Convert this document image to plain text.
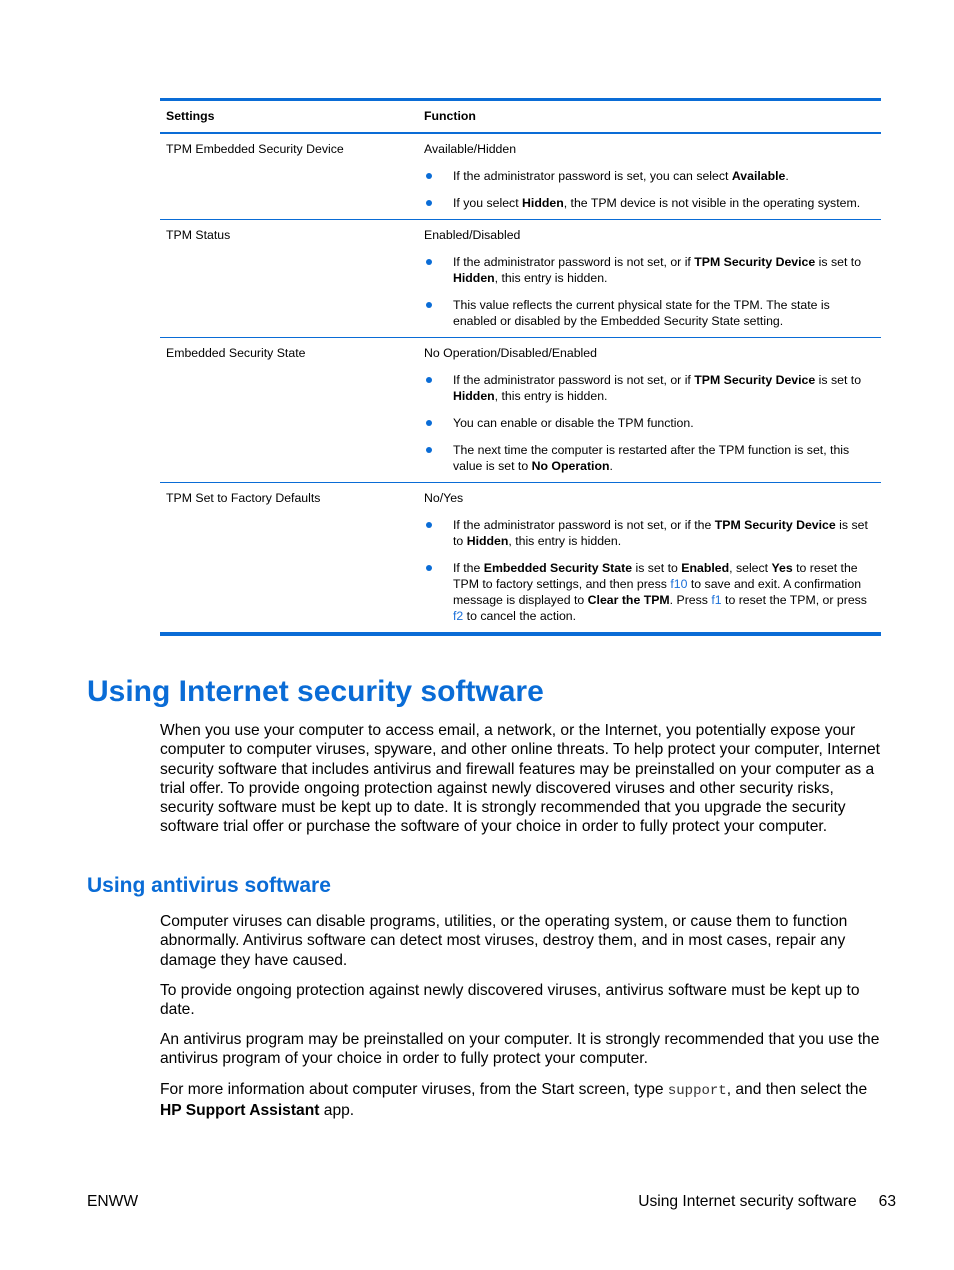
Settings	Function
TPM Embedded Security Device	Available/Hidden
If the administrator password is set, you can select Available.
If you select Hidden, the TPM device is not visible in the operating system.
TPM Status	Enabled/Disabled
If the administrator password is not set, or if TPM Security Device is set to Hidden, this entry is hidden.
This value reflects the current physical state for the TPM. The state is enabled or disabled by the Embedded Security State setting.
Embedded Security State	No Operation/Disabled/Enabled
If the administrator password is not set, or if TPM Security Device is set to Hidden, this entry is hidden.
You can enable or disable the TPM function.
The next time the computer is restarted after the TPM function is set, this value is set to No Operation.
TPM Set to Factory Defaults	No/Yes
If the administrator password is not set, or if the TPM Security Device is set to Hidden, this entry is hidden.
If the Embedded Security State is set to Enabled, select Yes to reset the TPM to factory settings, and then press f10 to save and exit. A confirmation message is displayed to Clear the TPM. Press f1 to reset the TPM, or press f2 to cancel the action.
Using Internet security software

When you use your computer to access email, a network, or the Internet, you potentially expose your computer to computer viruses, spyware, and other online threats. To help protect your computer, Internet security software that includes antivirus and firewall features may be preinstalled on your computer as a trial offer. To provide ongoing protection against newly discovered viruses and other security risks, security software must be kept up to date. It is strongly recommended that you upgrade the security software trial offer or purchase the software of your choice in order to fully protect your computer.

Using antivirus software

Computer viruses can disable programs, utilities, or the operating system, or cause them to function abnormally. Antivirus software can detect most viruses, destroy them, and in most cases, repair any damage they have caused.

To provide ongoing protection against newly discovered viruses, antivirus software must be kept up to date.

An antivirus program may be preinstalled on your computer. It is strongly recommended that you use the antivirus program of your choice in order to fully protect your computer.

For more information about computer viruses, from the Start screen, type support, and then select the HP Support Assistant app.

ENWW	Using Internet security software 63
